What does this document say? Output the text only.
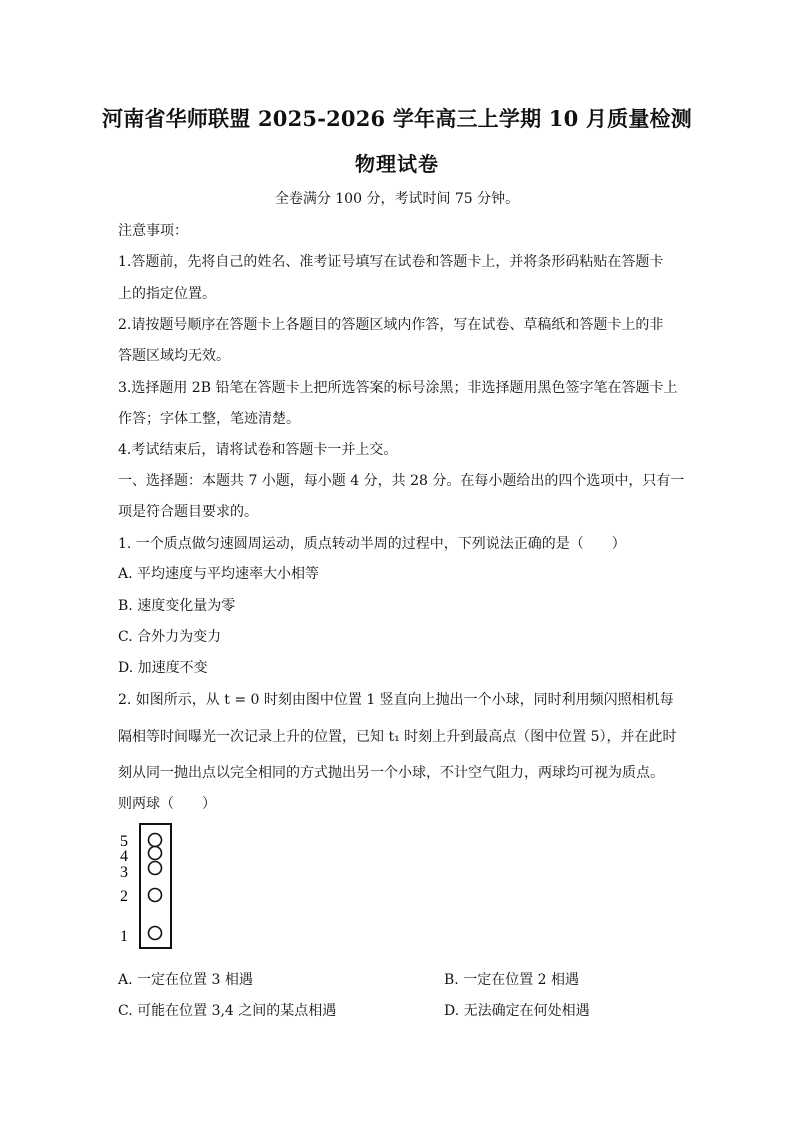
河南省华师联盟 2025-2026 学年高三上学期 10 月质量检测
物理试卷
全卷满分 100 分，考试时间 75 分钟。
注意事项：
1.答题前，先将自己的姓名、准考证号填写在试卷和答题卡上，并将条形码粘贴在答题卡
上的指定位置。
2.请按题号顺序在答题卡上各题目的答题区域内作答，写在试卷、草稿纸和答题卡上的非
答题区域均无效。
3.选择题用 2B 铅笔在答题卡上把所选答案的标号涂黑；非选择题用黑色签字笔在答题卡上
作答；字体工整，笔迹清楚。
4.考试结束后，请将试卷和答题卡一并上交。
一、选择题：本题共 7 小题，每小题 4 分，共 28 分。在每小题给出的四个选项中，只有一
项是符合题目要求的。
1. 一个质点做匀速圆周运动，质点转动半周的过程中，下列说法正确的是（　　）
A. 平均速度与平均速率大小相等
B. 速度变化量为零
C. 合外力为变力
D. 加速度不变
2. 如图所示，从 t = 0 时刻由图中位置 1 竖直向上抛出一个小球，同时利用频闪照相机每
隔相等时间曝光一次记录上升的位置，已知 t₁ 时刻上升到最高点（图中位置 5），并在此时
刻从同一抛出点以完全相同的方式抛出另一个小球，不计空气阻力，两球均可视为质点。
则两球（　　）
5
4
3
2
1
A. 一定在位置 3 相遇	B. 一定在位置 2 相遇
C. 可能在位置 3,4 之间的某点相遇	D. 无法确定在何处相遇
